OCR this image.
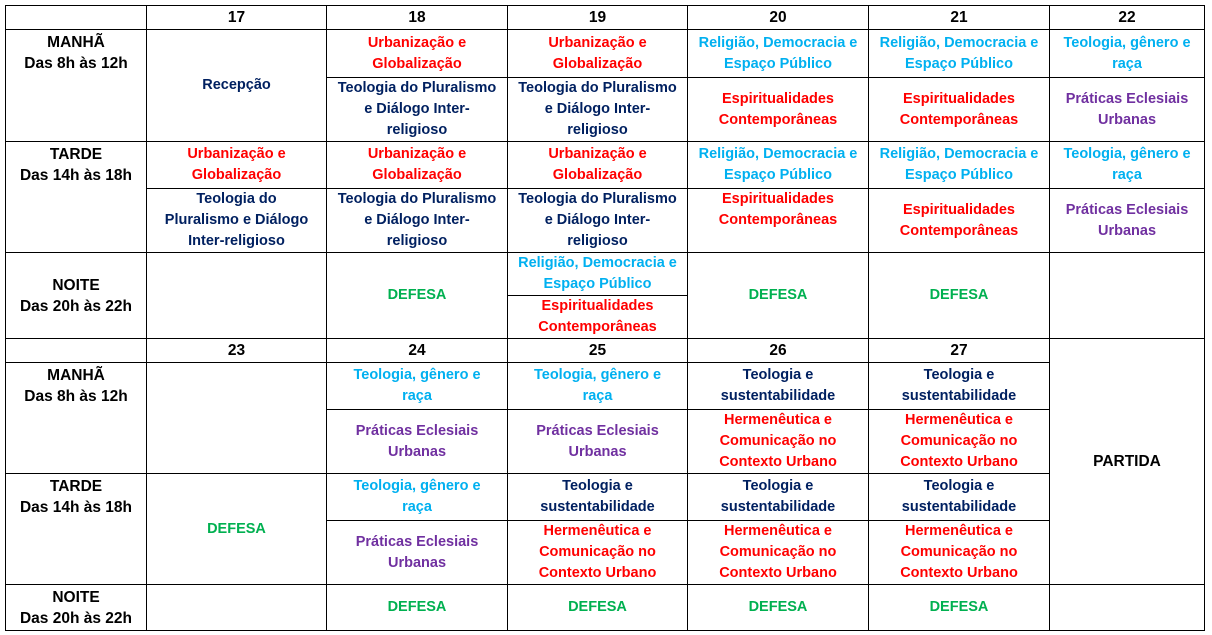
	17	18	19	20	21	22	

MANHÃ
Das 8h às 12h	Recepção	Urbanização e
Globalização	Urbanização e
Globalização	Religião, Democracia e
Espaço Público	Religião, Democracia e
Espaço Público	Teologia, gênero e
raça	

		Teologia do Pluralismo
e Diálogo Inter-
religioso	Teologia do Pluralismo
e Diálogo Inter-
religioso	Espiritualidades
Contemporâneas	Espiritualidades
Contemporâneas	Práticas Eclesiais
Urbanas	

TARDE
Das 14h às 18h	Urbanização e
Globalização	Urbanização e
Globalização	Urbanização e
Globalização	Religião, Democracia e
Espaço Público	Religião, Democracia e
Espaço Público	Teologia, gênero e
raça	

	Teologia do
Pluralismo e Diálogo
Inter-religioso	Teologia do Pluralismo
e Diálogo Inter-
religioso	Teologia do Pluralismo
e Diálogo Inter-
religioso	Espiritualidades
Contemporâneas	Espiritualidades
Contemporâneas	Práticas Eclesiais
Urbanas	

NOITE
Das 20h às 22h		DEFESA	Religião, Democracia e
Espaço Público	DEFESA	DEFESA		

			Espiritualidades
Contemporâneas				

	23	24	25	26	27	PARTIDA	

MANHÃ
Das 8h às 12h		Teologia, gênero e
raça	Teologia, gênero e
raça	Teologia e
sustentabilidade	Teologia e
sustentabilidade		

		Práticas Eclesiais
Urbanas	Práticas Eclesiais
Urbanas	Hermenêutica e
Comunicação no
Contexto Urbano	Hermenêutica e
Comunicação no
Contexto Urbano		

TARDE
Das 14h às 18h	DEFESA	Teologia, gênero e
raça	Teologia e
sustentabilidade	Teologia e
sustentabilidade	Teologia e
sustentabilidade		

		Práticas Eclesiais
Urbanas	Hermenêutica e
Comunicação no
Contexto Urbano	Hermenêutica e
Comunicação no
Contexto Urbano	Hermenêutica e
Comunicação no
Contexto Urbano		

NOITE
Das 20h às 22h		DEFESA	DEFESA	DEFESA	DEFESA		
